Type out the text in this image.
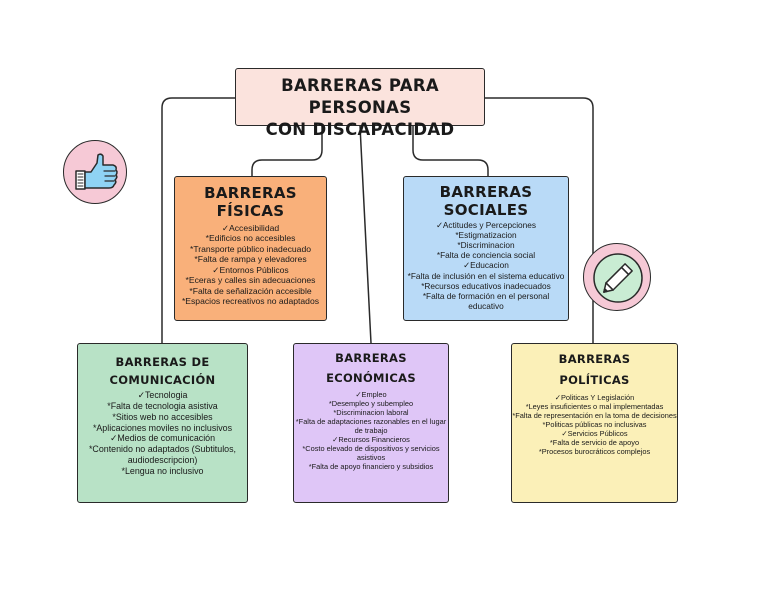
BARRERAS PARA PERSONAS
CON DISCAPACIDAD
BARRERAS FÍSICAS
✓Accesibilidad
*Edificios no accesibles
*Transporte público inadecuado
*Falta de rampa y elevadores
✓Entornos Públicos
*Eceras y calles sin adecuaciones
*Falta de señalización accesible
*Espacios recreativos no adaptados
BARRERAS SOCIALES
✓Actitudes y Percepciones
*Estigmatizacion
*Discriminacion
*Falta de conciencia social
✓Educacion
*Falta de inclusión en el sistema educativo
*Recursos educativos inadecuados
*Falta de formación en el personal educativo
BARRERAS DE
COMUNICACIÓN
✓Tecnologia
*Falta de tecnologia asistiva
*Sitios web no accesibles
*Aplicaciones moviles no inclusivos
✓Medios de comunicación
*Contenido no adaptados (Subtitulos, audiodescripcion)
*Lengua no inclusivo
BARRERAS
ECONÓMICAS
✓Empleo
*Desempleo y subempleo
*Discriminacion laboral
*Falta de adaptaciones razonables en el lugar de trabajo
✓Recursos Financieros
*Costo elevado de dispositivos y servicios asistivos
*Falta de apoyo financiero y subsidios
BARRERAS
POLÍTICAS
✓Politicas Y Legislación
*Leyes insuficientes o mal implementadas
*Falta de representación en la toma de decisiones
*Politicas públicas no inclusivas
✓Servicios Públicos
*Falta de servicio de apoyo
*Procesos burocráticos complejos
